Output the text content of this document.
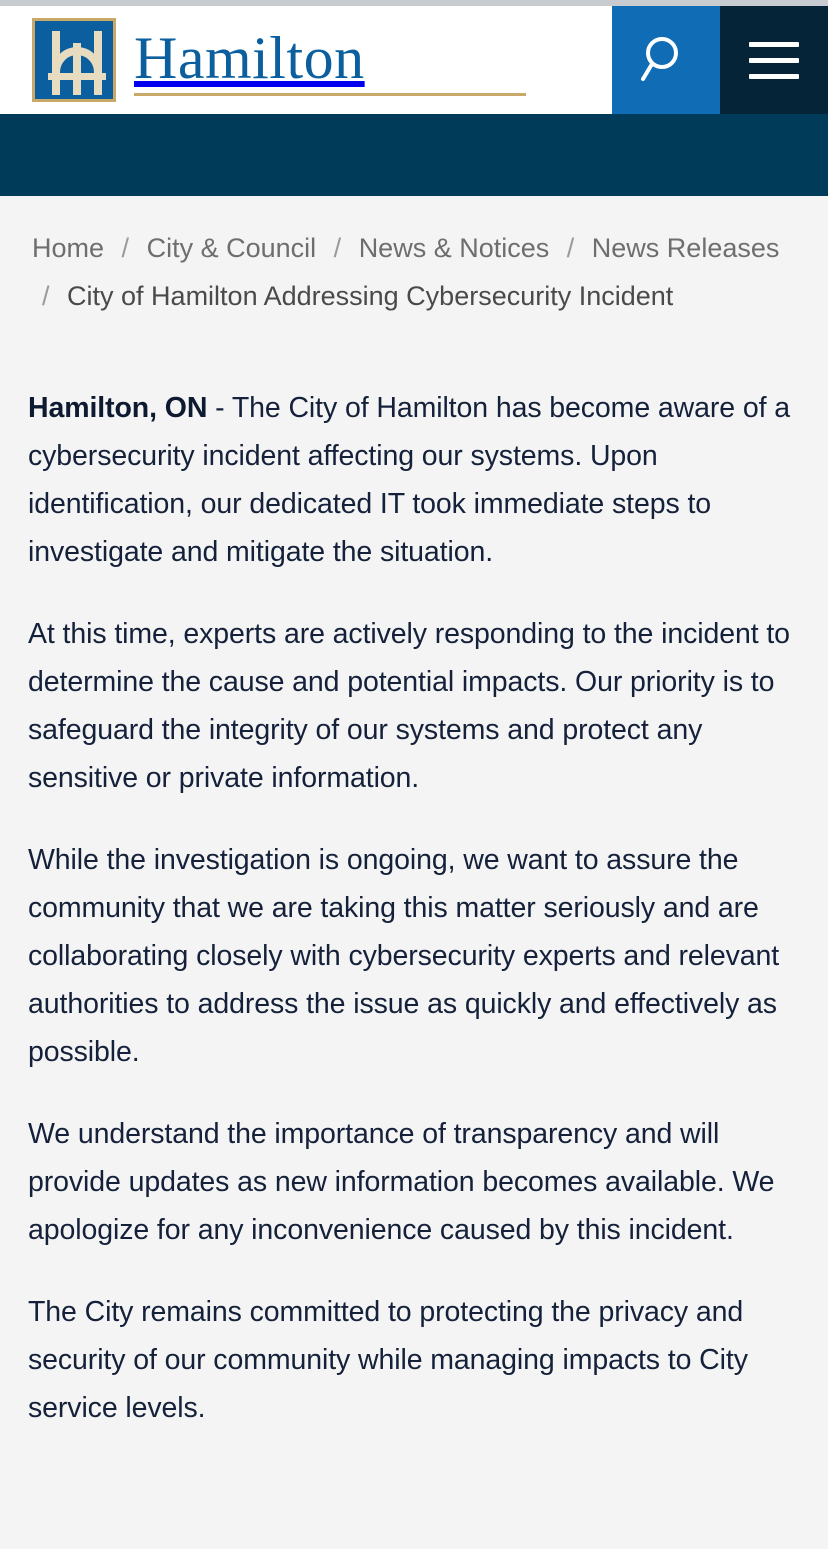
Hamilton
Home / City & Council / News & Notices / News Releases / City of Hamilton Addressing Cybersecurity Incident

Hamilton, ON - The City of Hamilton has become aware of a cybersecurity incident affecting our systems. Upon identification, our dedicated IT took immediate steps to investigate and mitigate the situation.

At this time, experts are actively responding to the incident to determine the cause and potential impacts. Our priority is to safeguard the integrity of our systems and protect any sensitive or private information.

While the investigation is ongoing, we want to assure the community that we are taking this matter seriously and are collaborating closely with cybersecurity experts and relevant authorities to address the issue as quickly and effectively as possible.

We understand the importance of transparency and will provide updates as new information becomes available. We apologize for any inconvenience caused by this incident.

The City remains committed to protecting the privacy and security of our community while managing impacts to City service levels.
